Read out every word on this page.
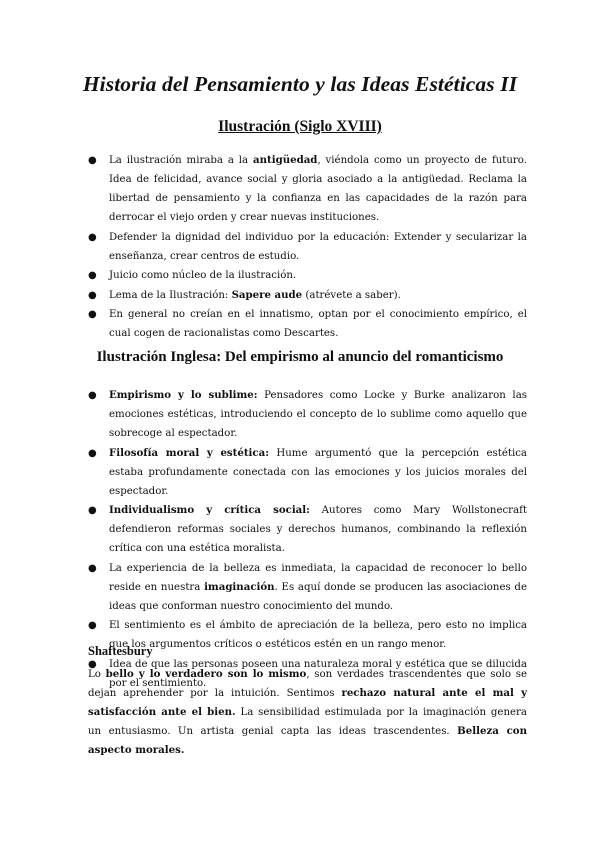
Historia del Pensamiento y las Ideas Estéticas II
Ilustración (Siglo XVIII)
● La ilustración miraba a la antigüedad, viéndola como un proyecto de futuro. Idea de felicidad, avance social y gloria asociado a la antigüedad. Reclama la libertad de pensamiento y la confianza en las capacidades de la razón para derrocar el viejo orden y crear nuevas instituciones.
● Defender la dignidad del individuo por la educación: Extender y secularizar la enseñanza, crear centros de estudio.
● Juicio como núcleo de la ilustración.
● Lema de la Ilustración: Sapere aude (atrévete a saber).
● En general no creían en el innatismo, optan por el conocimiento empírico, el cual cogen de racionalistas como Descartes.
Ilustración Inglesa: Del empirismo al anuncio del romanticismo
● Empirismo y lo sublime: Pensadores como Locke y Burke analizaron las emociones estéticas, introduciendo el concepto de lo sublime como aquello que sobrecoge al espectador.
● Filosofía moral y estética: Hume argumentó que la percepción estética estaba profundamente conectada con las emociones y los juicios morales del espectador.
● Individualismo y crítica social: Autores como Mary Wollstonecraft defendieron reformas sociales y derechos humanos, combinando la reflexión crítica con una estética moralista.
● La experiencia de la belleza es inmediata, la capacidad de reconocer lo bello reside en nuestra imaginación. Es aquí donde se producen las asociaciones de ideas que conforman nuestro conocimiento del mundo.
● El sentimiento es el ámbito de apreciación de la belleza, pero esto no implica que los argumentos críticos o estéticos estén en un rango menor.
● Idea de que las personas poseen una naturaleza moral y estética que se dilucida por el sentimiento.
Shaftesbury

Lo bello y lo verdadero son lo mismo, son verdades trascendentes que solo se dejan aprehender por la intuición. Sentimos rechazo natural ante el mal y satisfacción ante el bien. La sensibilidad estimulada por la imaginación genera un entusiasmo. Un artista genial capta las ideas trascendentes. Belleza con aspecto morales.
